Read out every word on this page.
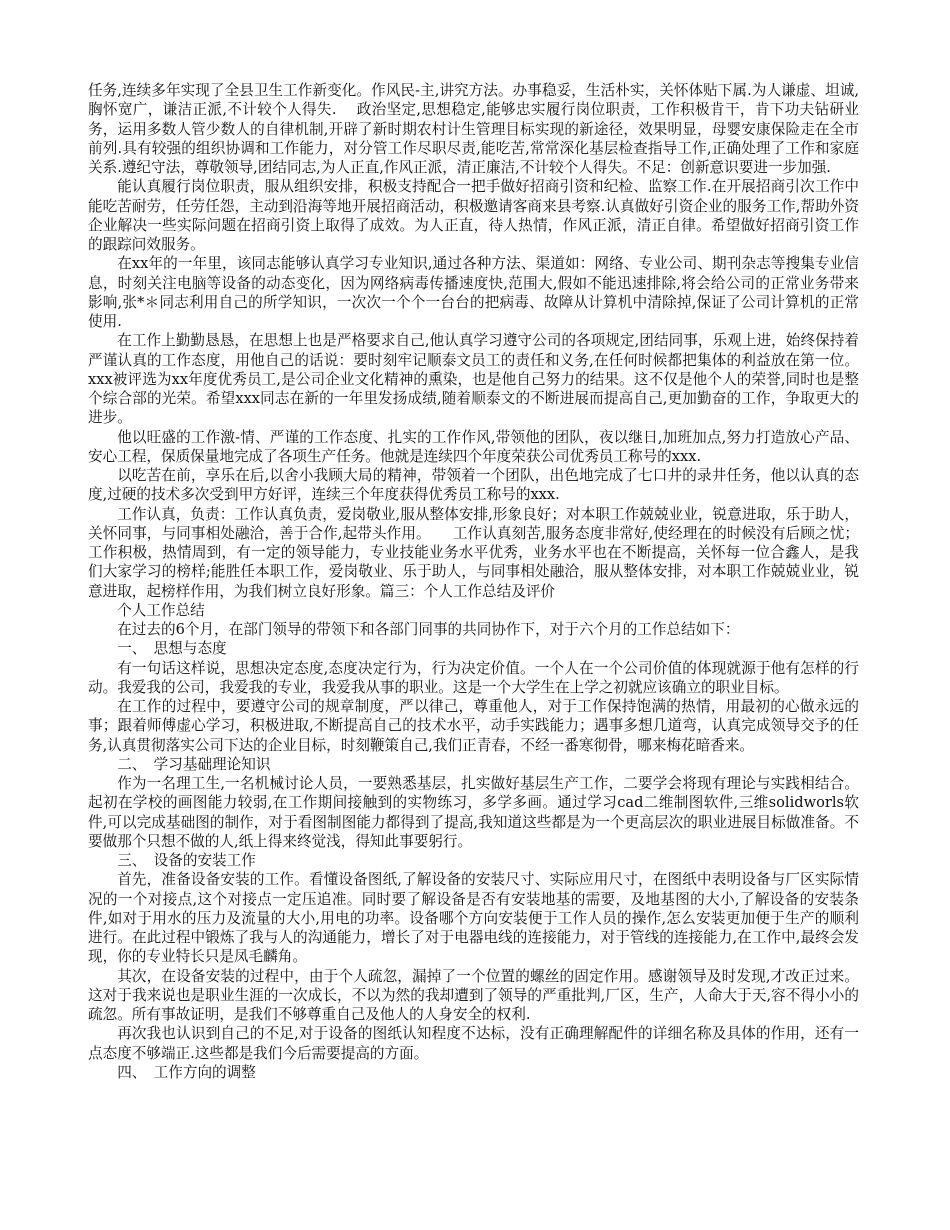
任务,连续多年实现了全县卫生工作新变化。作风民-主,讲究方法。办事稳妥，生活朴实，关怀体贴下属.为人谦虚、坦诚,胸怀宽广，谦洁正派,不计较个人得失.　 政治坚定,思想稳定,能够忠实履行岗位职责，工作积极肯干，肯下功夫钻研业务，运用多数人管少数人的自律机制,开辟了新时期农村计生管理目标实现的新途径，效果明显，母婴安康保险走在全市前列.具有较强的组织协调和工作能力，对分管工作尽职尽责,能吃苦,常常深化基层检查指导工作,正确处理了工作和家庭关系.遵纪守法，尊敬领导,团结同志,为人正直,作风正派，清正廉洁,不计较个人得失。不足：创新意识要进一步加强.

能认真履行岗位职责，服从组织安排，积极支持配合一把手做好招商引资和纪检、监察工作.在开展招商引次工作中能吃苦耐劳，任劳任怨，主动到沿海等地开展招商活动，积极邀请客商来县考察.认真做好引资企业的服务工作,帮助外资企业解决一些实际问题在招商引资上取得了成效。为人正直，待人热情，作风正派，清正自律。希望做好招商引资工作的跟踪问效服务。

在xx年的一年里，该同志能够认真学习专业知识,通过各种方法、渠道如：网络、专业公司、期刊杂志等搜集专业信息，时刻关注电脑等设备的动态变化，因为网络病毒传播速度快,范围大,假如不能迅速排除,将会给公司的正常业务带来影响,张*＊同志利用自己的所学知识，一次次一个个一台台的把病毒、故障从计算机中清除掉,保证了公司计算机的正常使用.

在工作上勤勤恳恳，在思想上也是严格要求自己,他认真学习遵守公司的各项规定,团结同事，乐观上进，始终保持着严谨认真的工作态度，用他自己的话说：要时刻牢记顺泰文员工的责任和义务,在任何时候都把集体的利益放在第一位。xxx被评选为xx年度优秀员工,是公司企业文化精神的熏染，也是他自己努力的结果。这不仅是他个人的荣誉,同时也是整个综合部的光荣。希望xxx同志在新的一年里发扬成绩,随着顺泰文的不断进展而提高自己,更加勤奋的工作，争取更大的进步。

他以旺盛的工作激-情、严谨的工作态度、扎实的工作作风,带领他的团队，夜以继日,加班加点,努力打造放心产品、安心工程，保质保量地完成了各项生产任务。他就是连续四个年度荣获公司优秀员工称号的xxx.

以吃苦在前，享乐在后,以舍小我顾大局的精神，带领着一个团队，出色地完成了七口井的录井任务，他以认真的态度,过硬的技术多次受到甲方好评，连续三个年度获得优秀员工称号的xxx.

工作认真，负责：工作认真负责，爱岗敬业,服从整体安排,形象良好；对本职工作兢兢业业，锐意进取，乐于助人，关怀同事，与同事相处融洽，善于合作,起带头作用。　　工作认真刻苦,服务态度非常好,使经理在的时候没有后顾之忧；工作积极，热情周到，有一定的领导能力，专业技能业务水平优秀，业务水平也在不断提高，关怀每一位合鑫人，是我们大家学习的榜样;能胜任本职工作，爱岗敬业、乐于助人，与同事相处融洽，服从整体安排，对本职工作兢兢业业，锐意进取，起榜样作用，为我们树立良好形象。篇三：个人工作总结及评价

个人工作总结

在过去的6个月，在部门领导的带领下和各部门同事的共同协作下，对于六个月的工作总结如下：

一、　思想与态度

有一句话这样说，思想决定态度,态度决定行为，行为决定价值。一个人在一个公司价值的体现就源于他有怎样的行动。我爱我的公司，我爱我的专业，我爱我从事的职业。这是一个大学生在上学之初就应该确立的职业目标。

在工作的过程中，要遵守公司的规章制度，严以律己，尊重他人，对于工作保持饱满的热情，用最初的心做永远的事；跟着师傅虚心学习，积极进取,不断提高自己的技术水平，动手实践能力；遇事多想几道弯，认真完成领导交予的任务,认真贯彻落实公司下达的企业目标，时刻鞭策自己,我们正青春，不经一番寒彻骨，哪来梅花暗香来。

二、　学习基础理论知识

作为一名理工生,一名机械讨论人员，一要熟悉基层，扎实做好基层生产工作，二要学会将现有理论与实践相结合。起初在学校的画图能力较弱,在工作期间接触到的实物练习，多学多画。通过学习cad二维制图软件,三维solidworls软件,可以完成基础图的制作，对于看图制图能力都得到了提高,我知道这些都是为一个更高层次的职业进展目标做准备。不要做那个只想不做的人,纸上得来终觉浅，得知此事要躬行。

三、　设备的安装工作

首先，准备设备安装的工作。看懂设备图纸,了解设备的安装尺寸、实际应用尺寸，在图纸中表明设备与厂区实际情况的一个对接点,这个对接点一定压追准。同时要了解设备是否有安装地基的需要，及地基图的大小,了解设备的安装条件,如对于用水的压力及流量的大小,用电的功率。设备哪个方向安装便于工作人员的操作,怎么安装更加便于生产的顺利进行。在此过程中锻炼了我与人的沟通能力，增长了对于电器电线的连接能力，对于管线的连接能力,在工作中,最终会发现，你的专业特长只是凤毛麟角。

其次，在设备安装的过程中，由于个人疏忽，漏掉了一个位置的螺丝的固定作用。感谢领导及时发现,才改正过来。这对于我来说也是职业生涯的一次成长，不以为然的我却遭到了领导的严重批判,厂区，生产，人命大于天,容不得小小的疏忽。所有事故证明，是我们不够尊重自己及他人的人身安全的权利.

再次我也认识到自己的不足,对于设备的图纸认知程度不达标，没有正确理解配件的详细名称及具体的作用，还有一点态度不够端正.这些都是我们今后需要提高的方面。

四、　工作方向的调整
